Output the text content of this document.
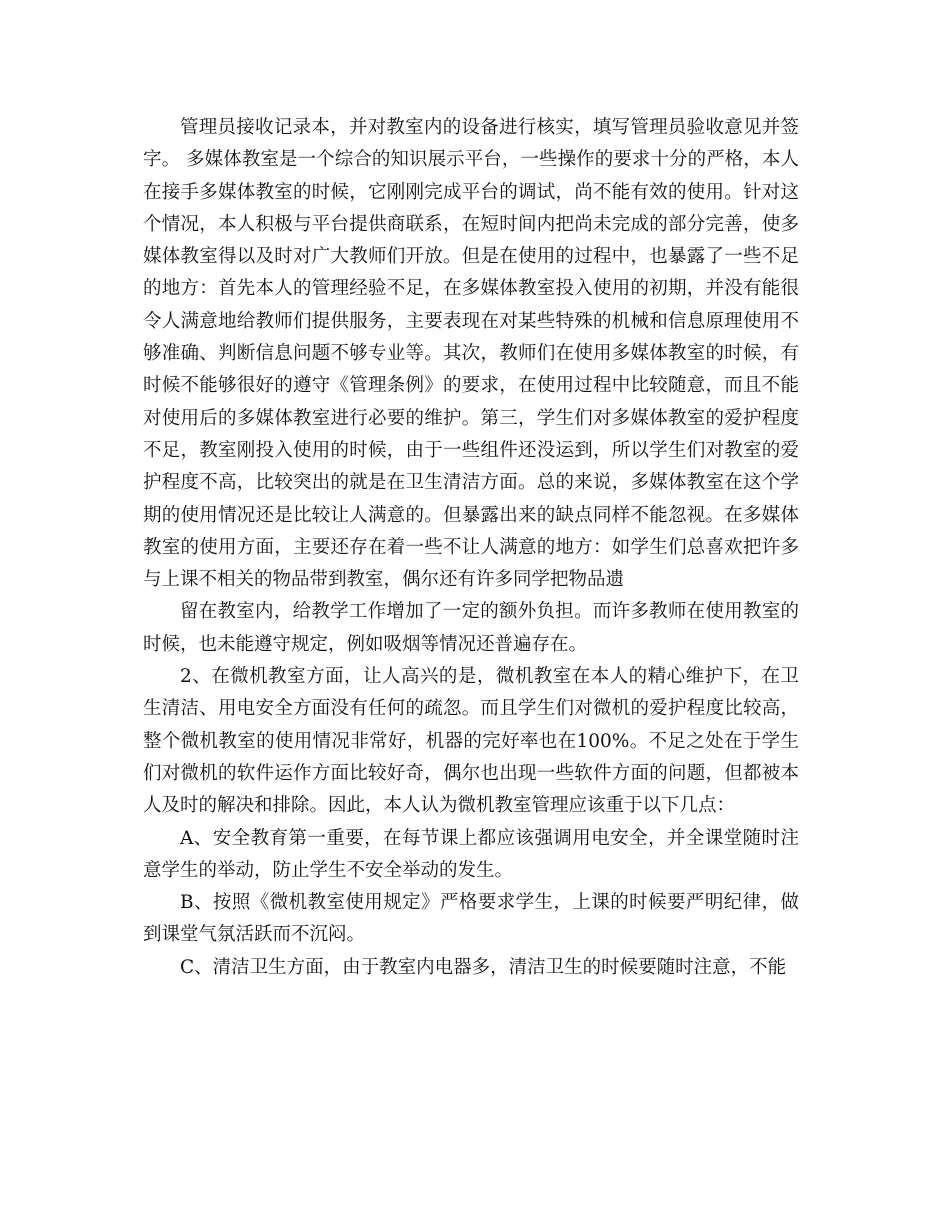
管理员接收记录本，并对教室内的设备进行核实，填写管理员验收意见并签字。 多媒体教室是一个综合的知识展示平台，一些操作的要求十分的严格，本人在接手多媒体教室的时候，它刚刚完成平台的调试，尚不能有效的使用。针对这个情况，本人积极与平台提供商联系，在短时间内把尚未完成的部分完善，使多媒体教室得以及时对广大教师们开放。但是在使用的过程中，也暴露了一些不足的地方：首先本人的管理经验不足，在多媒体教室投入使用的初期，并没有能很令人满意地给教师们提供服务，主要表现在对某些特殊的机械和信息原理使用不够准确、判断信息问题不够专业等。其次，教师们在使用多媒体教室的时候，有时候不能够很好的遵守《管理条例》的要求，在使用过程中比较随意，而且不能对使用后的多媒体教室进行必要的维护。第三，学生们对多媒体教室的爱护程度不足，教室刚投入使用的时候，由于一些组件还没运到，所以学生们对教室的爱护程度不高，比较突出的就是在卫生清洁方面。总的来说，多媒体教室在这个学期的使用情况还是比较让人满意的。但暴露出来的缺点同样不能忽视。在多媒体教室的使用方面，主要还存在着一些不让人满意的地方：如学生们总喜欢把许多与上课不相关的物品带到教室，偶尔还有许多同学把物品遗

留在教室内，给教学工作增加了一定的额外负担。而许多教师在使用教室的时候，也未能遵守规定，例如吸烟等情况还普遍存在。

2、在微机教室方面，让人高兴的是，微机教室在本人的精心维护下，在卫生清洁、用电安全方面没有任何的疏忽。而且学生们对微机的爱护程度比较高，整个微机教室的使用情况非常好，机器的完好率也在100%。不足之处在于学生们对微机的软件运作方面比较好奇，偶尔也出现一些软件方面的问题，但都被本人及时的解决和排除。因此，本人认为微机教室管理应该重于以下几点：

A、安全教育第一重要，在每节课上都应该强调用电安全，并全课堂随时注意学生的举动，防止学生不安全举动的发生。

B、按照《微机教室使用规定》严格要求学生，上课的时候要严明纪律，做到课堂气氛活跃而不沉闷。

C、清洁卫生方面，由于教室内电器多，清洁卫生的时候要随时注意，不能
